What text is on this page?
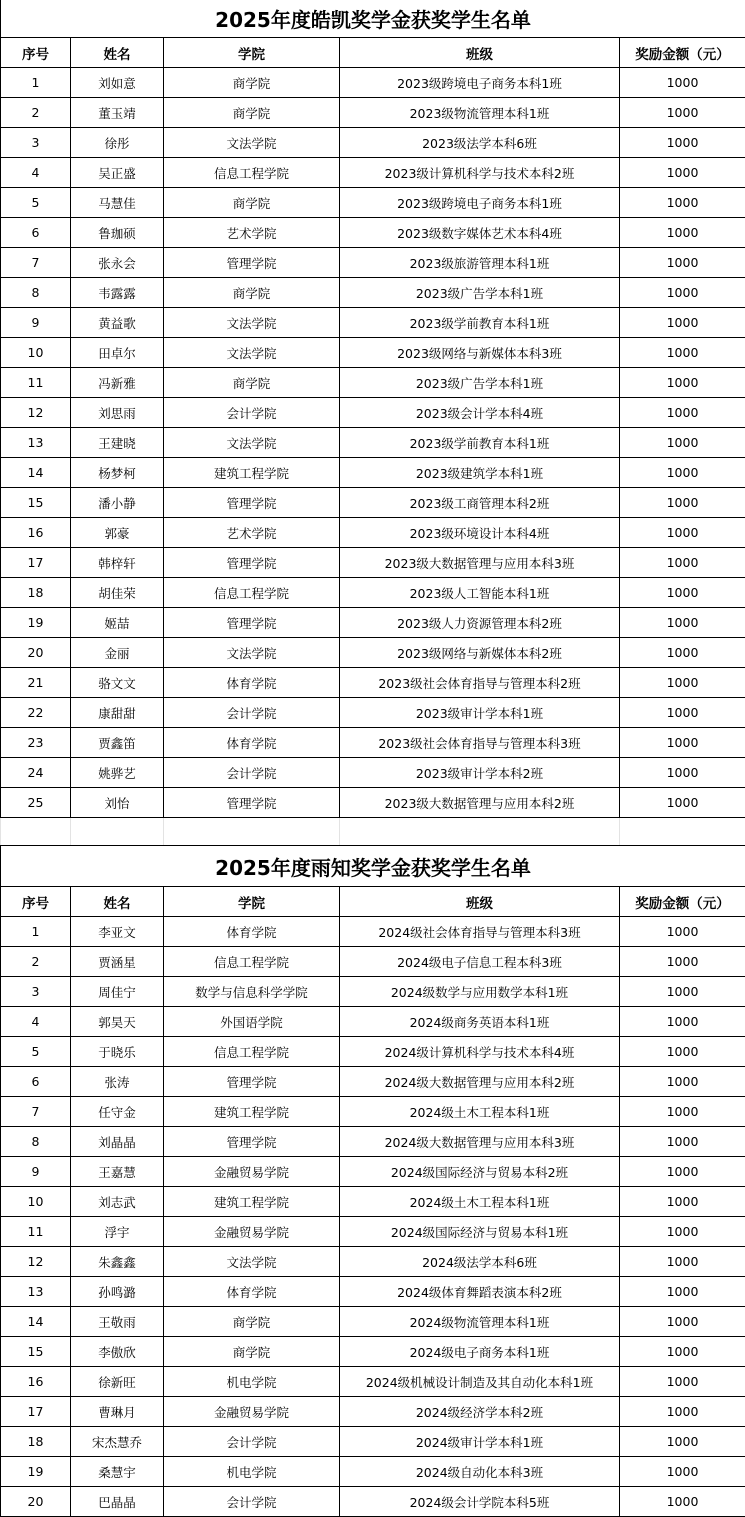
2025年度皓凯奖学金获奖学生名单				
序号	姓名	学院	班级	奖励金额（元）
1	刘如意	商学院	2023级跨境电子商务本科1班	1000
2	董玉靖	商学院	2023级物流管理本科1班	1000
3	徐彤	文法学院	2023级法学本科6班	1000
4	吴正盛	信息工程学院	2023级计算机科学与技术本科2班	1000
5	马慧佳	商学院	2023级跨境电子商务本科1班	1000
6	鲁珈硕	艺术学院	2023级数字媒体艺术本科4班	1000
7	张永会	管理学院	2023级旅游管理本科1班	1000
8	韦露露	商学院	2023级广告学本科1班	1000
9	黄益歌	文法学院	2023级学前教育本科1班	1000
10	田卓尔	文法学院	2023级网络与新媒体本科3班	1000
11	冯新雅	商学院	2023级广告学本科1班	1000
12	刘思雨	会计学院	2023级会计学本科4班	1000
13	王建晓	文法学院	2023级学前教育本科1班	1000
14	杨梦柯	建筑工程学院	2023级建筑学本科1班	1000
15	潘小静	管理学院	2023级工商管理本科2班	1000
16	郭豪	艺术学院	2023级环境设计本科4班	1000
17	韩梓轩	管理学院	2023级大数据管理与应用本科3班	1000
18	胡佳荣	信息工程学院	2023级人工智能本科1班	1000
19	姬喆	管理学院	2023级人力资源管理本科2班	1000
20	金丽	文法学院	2023级网络与新媒体本科2班	1000
21	骆文文	体育学院	2023级社会体育指导与管理本科2班	1000
22	康甜甜	会计学院	2023级审计学本科1班	1000
23	贾鑫笛	体育学院	2023级社会体育指导与管理本科3班	1000
24	姚骅艺	会计学院	2023级审计学本科2班	1000
25	刘怡	管理学院	2023级大数据管理与应用本科2班	1000

2025年度雨知奖学金获奖学生名单				
序号	姓名	学院	班级	奖励金额（元）
1	李亚文	体育学院	2024级社会体育指导与管理本科3班	1000
2	贾涵星	信息工程学院	2024级电子信息工程本科3班	1000
3	周佳宁	数学与信息科学学院	2024级数学与应用数学本科1班	1000
4	郭昊天	外国语学院	2024级商务英语本科1班	1000
5	于晓乐	信息工程学院	2024级计算机科学与技术本科4班	1000
6	张涛	管理学院	2024级大数据管理与应用本科2班	1000
7	任守金	建筑工程学院	2024级土木工程本科1班	1000
8	刘晶晶	管理学院	2024级大数据管理与应用本科3班	1000
9	王嘉慧	金融贸易学院	2024级国际经济与贸易本科2班	1000
10	刘志武	建筑工程学院	2024级土木工程本科1班	1000
11	浮宇	金融贸易学院	2024级国际经济与贸易本科1班	1000
12	朱鑫鑫	文法学院	2024级法学本科6班	1000
13	孙鸣潞	体育学院	2024级体育舞蹈表演本科2班	1000
14	王敬雨	商学院	2024级物流管理本科1班	1000
15	李傲欣	商学院	2024级电子商务本科1班	1000
16	徐新旺	机电学院	2024级机械设计制造及其自动化本科1班	1000
17	曹琳月	金融贸易学院	2024级经济学本科2班	1000
18	宋杰慧乔	会计学院	2024级审计学本科1班	1000
19	桑慧宇	机电学院	2024级自动化本科3班	1000
20	巴晶晶	会计学院	2024级会计学院本科5班	1000
